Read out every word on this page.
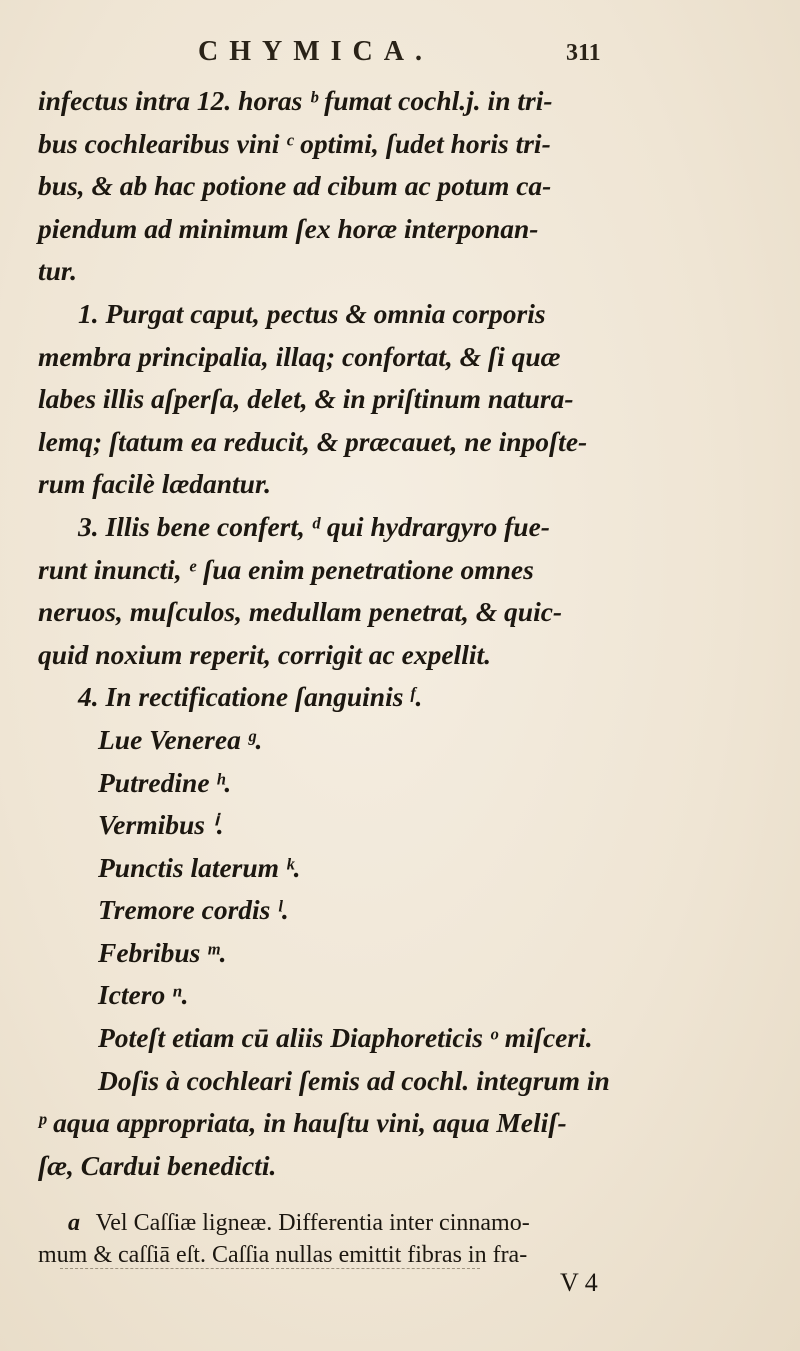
CHYMICA.	311
infectus intra 12. horas ᵇ fumat cochl.j. in tri-
bus cochlearibus vini ᶜ optimi, ſudet horis tri-
bus, & ab hac potione ad cibum ac potum ca-
piendum ad minimum ſex horæ interponan-
tur.
1. Purgat caput, pectus & omnia corporis
membra principalia, illaq; confortat, & ſi quæ
labes illis aſperſa, delet, & in priſtinum natura-
lemq; ſtatum ea reducit, & præcauet, ne inpoſte-
rum facilè lædantur.
3. Illis bene confert, ᵈ qui hydrargyro fue-
runt inuncti, ᵉ ſua enim penetratione omnes
neruos, muſculos, medullam penetrat, & quic-
quid noxium reperit, corrigit ac expellit.
4. In rectificatione ſanguinis ᶠ.
Lue Venerea ᵍ.
Putredine ʰ.
Vermibus ⁱ.
Punctis laterum ᵏ.
Tremore cordis ˡ.
Febribus ᵐ.
Ictero ⁿ.
Poteſt etiam cū aliis Diaphoreticis ᵒ miſceri.
Doſis à cochleari ſemis ad cochl. integrum in
ᵖ aqua appropriata, in hauſtu vini, aqua Meliſ-
ſæ, Cardui benedicti.
a Vel Caſſiæ ligneæ. Differentia inter cinnamo-
mum & caſſiā eſt. Caſſia nullas emittit fibras in fra-
V 4
